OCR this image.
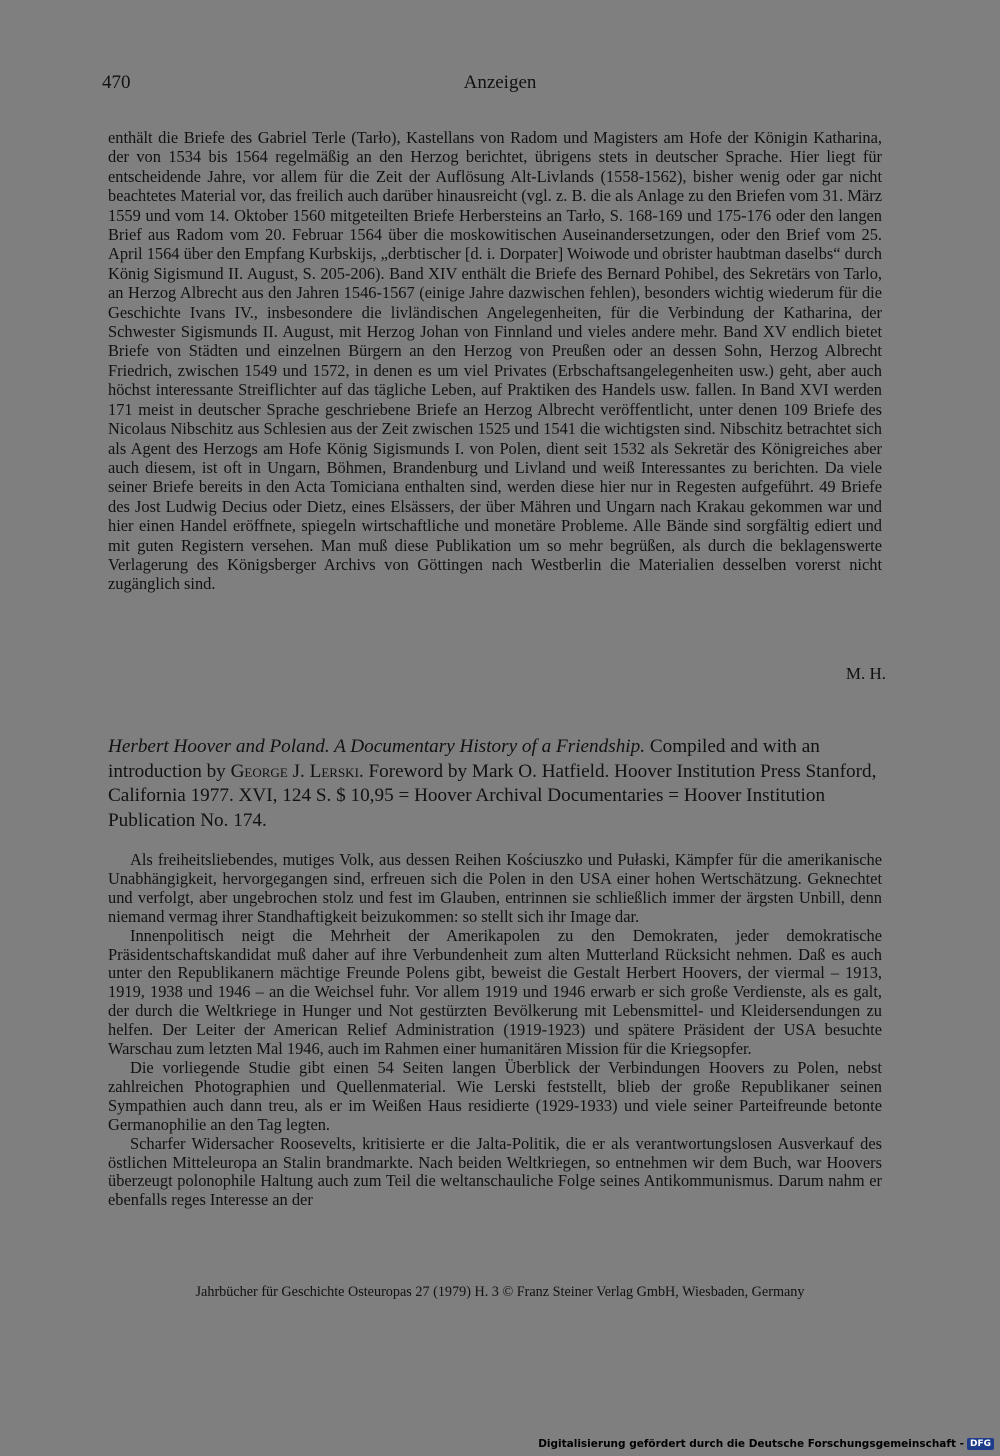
470	Anzeigen

enthält die Briefe des Gabriel Terle (Tarło), Kastellans von Radom und Magisters am Hofe der Königin Katharina, der von 1534 bis 1564 regelmäßig an den Herzog berichtet, übrigens stets in deutscher Sprache. Hier liegt für entscheidende Jahre, vor allem für die Zeit der Auflösung Alt-Livlands (1558-1562), bisher wenig oder gar nicht beachtetes Material vor, das freilich auch darüber hinausreicht (vgl. z. B. die als Anlage zu den Briefen vom 31. März 1559 und vom 14. Oktober 1560 mitgeteilten Briefe Herbersteins an Tarło, S. 168-169 und 175-176 oder den langen Brief aus Radom vom 20. Februar 1564 über die moskowitischen Auseinandersetzungen, oder den Brief vom 25. April 1564 über den Empfang Kurbskijs, „derbtischer [d. i. Dorpater] Woiwode und obrister haubtman daselbs“ durch König Sigismund II. August, S. 205-206). Band XIV enthält die Briefe des Bernard Pohibel, des Sekretärs von Tarlo, an Herzog Albrecht aus den Jahren 1546-1567 (einige Jahre dazwischen fehlen), besonders wichtig wiederum für die Geschichte Ivans IV., insbesondere die livländischen Angelegenheiten, für die Verbindung der Katharina, der Schwester Sigismunds II. August, mit Herzog Johan von Finnland und vieles andere mehr. Band XV endlich bietet Briefe von Städten und einzelnen Bürgern an den Herzog von Preußen oder an dessen Sohn, Herzog Albrecht Friedrich, zwischen 1549 und 1572, in denen es um viel Privates (Erbschaftsangelegenheiten usw.) geht, aber auch höchst interessante Streiflichter auf das tägliche Leben, auf Praktiken des Handels usw. fallen. In Band XVI werden 171 meist in deutscher Sprache geschriebene Briefe an Herzog Albrecht veröffentlicht, unter denen 109 Briefe des Nicolaus Nibschitz aus Schlesien aus der Zeit zwischen 1525 und 1541 die wichtigsten sind. Nibschitz betrachtet sich als Agent des Herzogs am Hofe König Sigismunds I. von Polen, dient seit 1532 als Sekretär des Königreiches aber auch diesem, ist oft in Ungarn, Böhmen, Brandenburg und Livland und weiß Interessantes zu berichten. Da viele seiner Briefe bereits in den Acta Tomiciana enthalten sind, werden diese hier nur in Regesten aufgeführt. 49 Briefe des Jost Ludwig Decius oder Dietz, eines Elsässers, der über Mähren und Ungarn nach Krakau gekommen war und hier einen Handel eröffnete, spiegeln wirtschaftliche und monetäre Probleme. Alle Bände sind sorgfältig ediert und mit guten Registern versehen. Man muß diese Publikation um so mehr begrüßen, als durch die beklagenswerte Verlagerung des Königsberger Archivs von Göttingen nach Westberlin die Materialien desselben vorerst nicht zugänglich sind.

M. H.
Herbert Hoover and Poland. A Documentary History of a Friendship. Compiled and with an introduction by George J. Lerski. Foreword by Mark O. Hatfield. Hoover Institution Press Stanford, California 1977. XVI, 124 S. $ 10,95 = Hoover Archival Documentaries = Hoover Institution Publication No. 174.

Als freiheitsliebendes, mutiges Volk, aus dessen Reihen Kościuszko und Pułaski, Kämpfer für die amerikanische Unabhängigkeit, hervorgegangen sind, erfreuen sich die Polen in den USA einer hohen Wertschätzung. Geknechtet und verfolgt, aber ungebrochen stolz und fest im Glauben, entrinnen sie schließlich immer der ärgsten Unbill, denn niemand vermag ihrer Standhaftigkeit beizukommen: so stellt sich ihr Image dar.

Innenpolitisch neigt die Mehrheit der Amerikapolen zu den Demokraten, jeder demokratische Präsidentschaftskandidat muß daher auf ihre Verbundenheit zum alten Mutterland Rücksicht nehmen. Daß es auch unter den Republikanern mächtige Freunde Polens gibt, beweist die Gestalt Herbert Hoovers, der viermal – 1913, 1919, 1938 und 1946 – an die Weichsel fuhr. Vor allem 1919 und 1946 erwarb er sich große Verdienste, als es galt, der durch die Weltkriege in Hunger und Not gestürzten Bevölkerung mit Lebensmittel- und Kleidersendungen zu helfen. Der Leiter der American Relief Administration (1919-1923) und spätere Präsident der USA besuchte Warschau zum letzten Mal 1946, auch im Rahmen einer humanitären Mission für die Kriegsopfer.

Die vorliegende Studie gibt einen 54 Seiten langen Überblick der Verbindungen Hoovers zu Polen, nebst zahlreichen Photographien und Quellenmaterial. Wie Lerski feststellt, blieb der große Republikaner seinen Sympathien auch dann treu, als er im Weißen Haus residierte (1929-1933) und viele seiner Parteifreunde betonte Germanophilie an den Tag legten.

Scharfer Widersacher Roosevelts, kritisierte er die Jalta-Politik, die er als verantwortungslosen Ausverkauf des östlichen Mitteleuropa an Stalin brandmarkte. Nach beiden Weltkriegen, so entnehmen wir dem Buch, war Hoovers überzeugt polonophile Haltung auch zum Teil die weltanschauliche Folge seines Antikommunismus. Darum nahm er ebenfalls reges Interesse an der

Jahrbücher für Geschichte Osteuropas 27 (1979) H. 3 © Franz Steiner Verlag GmbH, Wiesbaden, Germany
Digitalisierung gefördert durch die Deutsche Forschungsgemeinschaft - DFG
